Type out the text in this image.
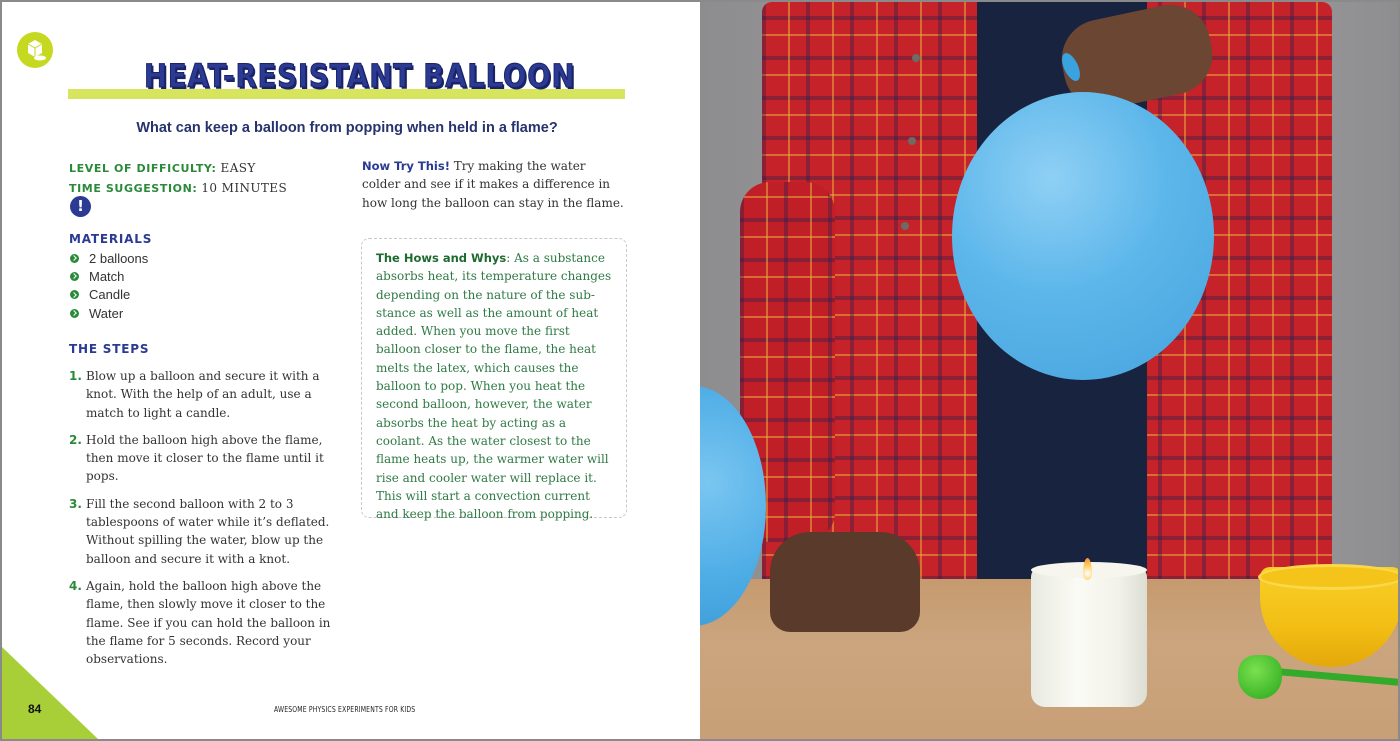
HEAT-RESISTANT BALLOON
What can keep a balloon from popping when held in a flame?
LEVEL OF DIFFICULTY: EASY
TIME SUGGESTION: 10 MINUTES
!
MATERIALS
2 balloons
Match
Candle
Water
THE STEPS
1. Blow up a balloon and secure it with a knot. With the help of an adult, use a match to light a candle.
2. Hold the balloon high above the flame, then move it closer to the flame until it pops.
3. Fill the second balloon with 2 to 3 tablespoons of water while it’s deflated. Without spilling the water, blow up the balloon and secure it with a knot.
4. Again, hold the balloon high above the flame, then slowly move it closer to the flame. See if you can hold the balloon in the flame for 5 seconds. Record your observations.
Now Try This! Try making the water colder and see if it makes a difference in how long the balloon can stay in the flame.
The Hows and Whys: As a substance absorbs heat, its temperature changes depending on the nature of the sub-stance as well as the amount of heat added. When you move the first balloon closer to the flame, the heat melts the latex, which causes the balloon to pop. When you heat the second balloon, however, the water absorbs the heat by acting as a coolant. As the water closest to the flame heats up, the warmer water will rise and cooler water will replace it. This will start a convection current and keep the balloon from popping.
84	AWESOME PHYSICS EXPERIMENTS FOR KIDS
